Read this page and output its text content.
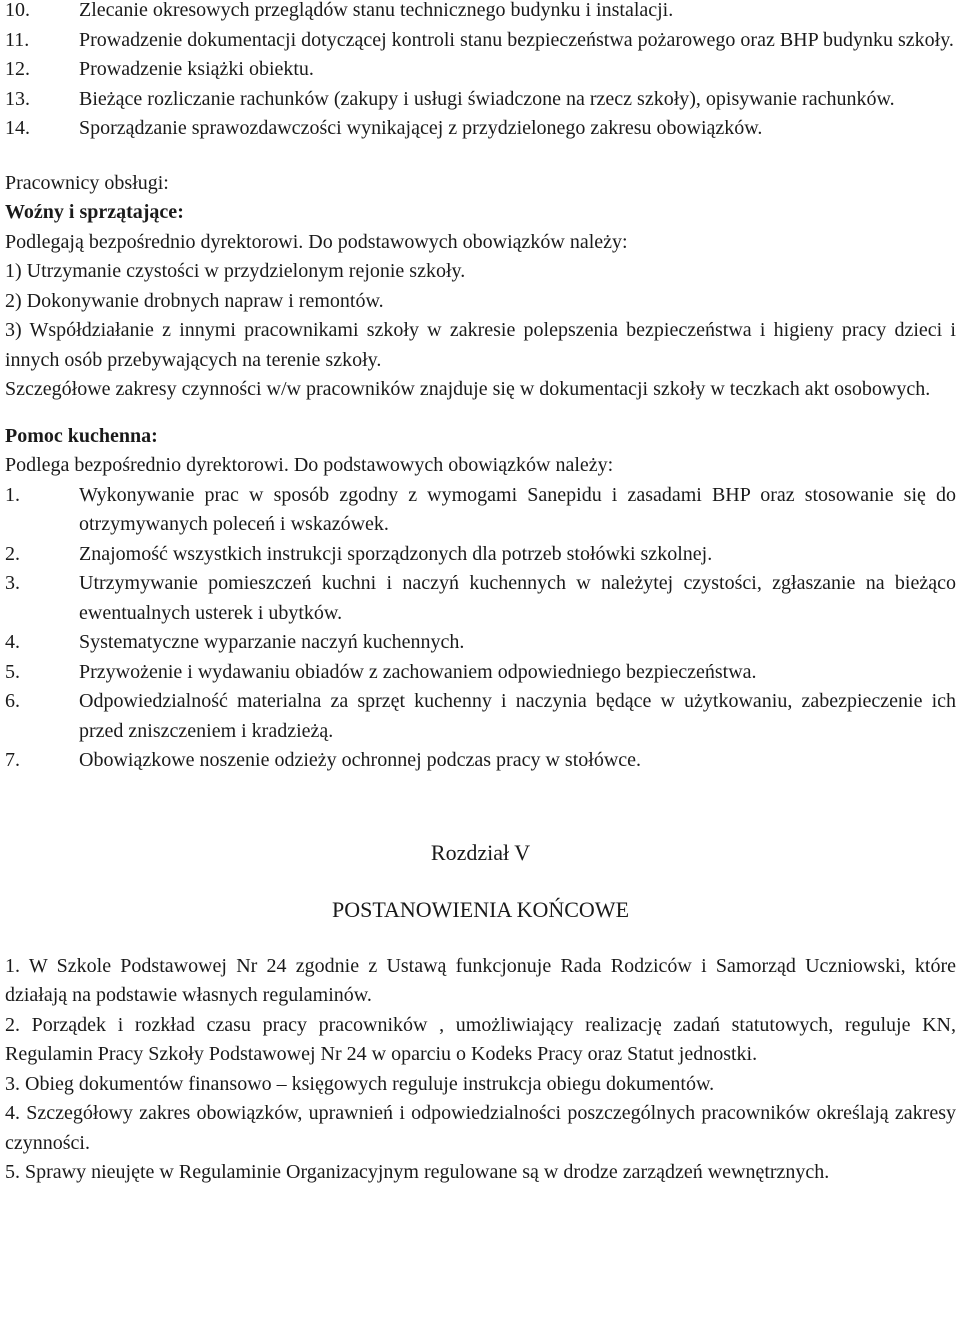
10.	Zlecanie okresowych przeglądów stanu technicznego budynku i instalacji.
11.	Prowadzenie dokumentacji dotyczącej kontroli stanu bezpieczeństwa pożarowego oraz BHP budynku szkoły.
12.	Prowadzenie książki obiektu.
13.	Bieżące rozliczanie rachunków (zakupy i usługi świadczone na rzecz szkoły), opisywanie rachunków.
14.	Sporządzanie sprawozdawczości wynikającej z przydzielonego zakresu obowiązków.
Pracownicy obsługi:
Woźny i sprzątające:
Podlegają bezpośrednio dyrektorowi. Do podstawowych obowiązków należy:
1) Utrzymanie czystości w przydzielonym rejonie szkoły.
2) Dokonywanie drobnych napraw i remontów.
3) Współdziałanie z innymi pracownikami szkoły w zakresie polepszenia bezpieczeństwa i higieny pracy dzieci i innych osób przebywających na terenie szkoły.
Szczegółowe zakresy czynności w/w pracowników znajduje się w dokumentacji szkoły w teczkach akt osobowych.
Pomoc kuchenna:
Podlega bezpośrednio dyrektorowi. Do podstawowych obowiązków należy:
1.	Wykonywanie prac w sposób zgodny z wymogami Sanepidu i zasadami BHP oraz stosowanie się do otrzymywanych poleceń i wskazówek.
2.	Znajomość wszystkich instrukcji sporządzonych dla potrzeb stołówki szkolnej.
3.	Utrzymywanie pomieszczeń kuchni i naczyń kuchennych w należytej czystości, zgłaszanie na bieżąco ewentualnych usterek i ubytków.
4.	Systematyczne wyparzanie naczyń kuchennych.
5.	Przywożenie i wydawaniu obiadów z zachowaniem odpowiedniego bezpieczeństwa.
6.	Odpowiedzialność materialna za sprzęt kuchenny i naczynia będące w użytkowaniu, zabezpieczenie ich przed zniszczeniem i kradzieżą.
7.	Obowiązkowe noszenie odzieży ochronnej podczas pracy w stołówce.
Rozdział V
POSTANOWIENIA KOŃCOWE
1. W Szkole Podstawowej Nr 24 zgodnie z Ustawą funkcjonuje Rada Rodziców i Samorząd Uczniowski, które działają na podstawie własnych regulaminów.
2. Porządek i rozkład czasu pracy pracowników , umożliwiający realizację zadań statutowych, reguluje KN, Regulamin Pracy Szkoły Podstawowej Nr 24 w oparciu o Kodeks Pracy oraz Statut jednostki.
3. Obieg dokumentów finansowo – księgowych reguluje instrukcja obiegu dokumentów.
4. Szczegółowy zakres obowiązków, uprawnień i odpowiedzialności poszczególnych pracowników określają zakresy czynności.
5. Sprawy nieujęte w Regulaminie Organizacyjnym regulowane są w drodze zarządzeń wewnętrznych.
